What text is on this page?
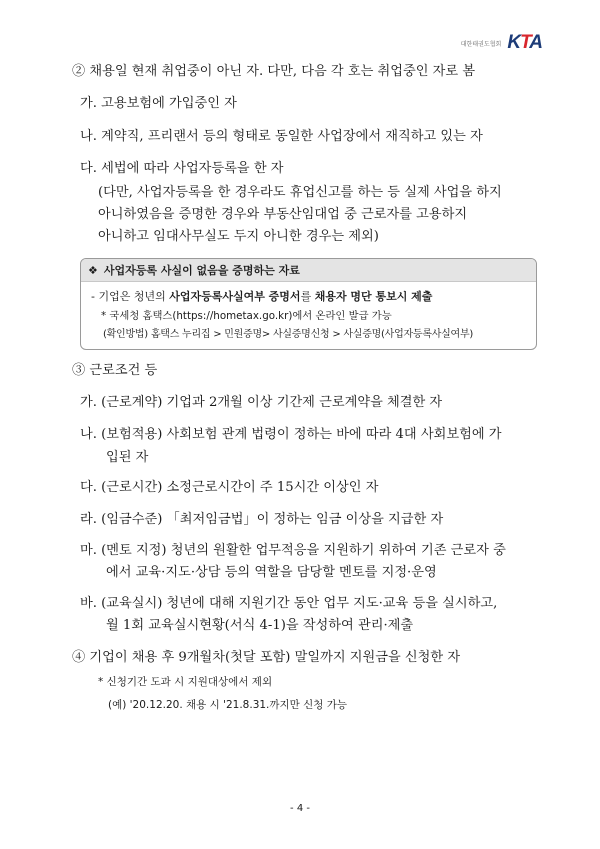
대한태권도협회 KTA
② 채용일 현재 취업중이 아닌 자. 다만, 다음 각 호는 취업중인 자로 봄
가. 고용보험에 가입중인 자
나. 계약직, 프리랜서 등의 형태로 동일한 사업장에서 재직하고 있는 자
다. 세법에 따라 사업자등록을 한 자
(다만, 사업자등록을 한 경우라도 휴업신고를 하는 등 실제 사업을 하지
아니하였음을 증명한 경우와 부동산임대업 중 근로자를 고용하지
아니하고 임대사무실도 두지 아니한 경우는 제외)
❖ 사업자등록 사실이 없음을 증명하는 자료
- 기업은 청년의 사업자등록사실여부 증명서를 채용자 명단 통보시 제출
* 국세청 홈택스(https://hometax.go.kr)에서 온라인 발급 가능
(확인방법) 홈택스 누리집 > 민원증명> 사실증명신청 > 사실증명(사업자등록사실여부)
③ 근로조건 등
가. (근로계약) 기업과 2개월 이상 기간제 근로계약을 체결한 자
나. (보험적용) 사회보험 관계 법령이 정하는 바에 따라 4대 사회보험에 가
입된 자
다. (근로시간) 소정근로시간이 주 15시간 이상인 자
라. (임금수준) 「최저임금법」이 정하는 임금 이상을 지급한 자
마. (멘토 지정) 청년의 원활한 업무적응을 지원하기 위하여 기존 근로자 중
에서 교육·지도·상담 등의 역할을 담당할 멘토를 지정·운영
바. (교육실시) 청년에 대해 지원기간 동안 업무 지도·교육 등을 실시하고,
월 1회 교육실시현황(서식 4-1)을 작성하여 관리·제출
④ 기업이 채용 후 9개월차(첫달 포함) 말일까지 지원금을 신청한 자
* 신청기간 도과 시 지원대상에서 제외
(예) '20.12.20. 채용 시 '21.8.31.까지만 신청 가능
- 4 -
